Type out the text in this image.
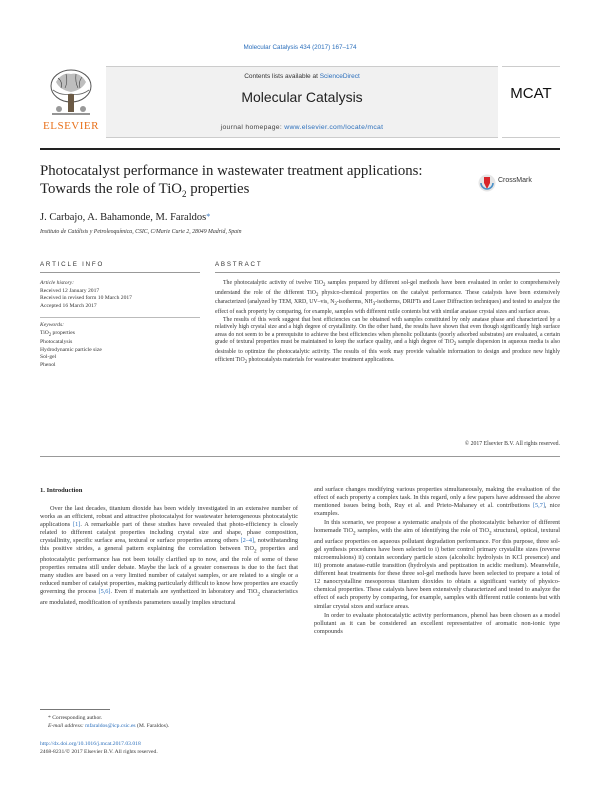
Molecular Catalysis 434 (2017) 167–174
ELSEVIER
Contents lists available at ScienceDirect
Molecular Catalysis
journal homepage: www.elsevier.com/locate/mcat
MCAT
Photocatalyst performance in wastewater treatment applications:
Towards the role of TiO$_2$ properties
CrossMark
J. Carbajo, A. Bahamonde, M. Faraldos*
Instituto de Catálisis y Petroleoquímica, CSIC, C/Marie Curie 2, 28049 Madrid, Spain
ARTICLE INFO	ABSTRACT
Article history:
Received 12 January 2017
Received in revised form 10 March 2017
Accepted 16 March 2017
Keywords:
TiO$_2$ properties
Photocatalysis
Hydrodynamic particle size
Sol-gel
Phenol

The photocatalytic activity of twelve TiO$_2$ samples prepared by different sol-gel methods have been evaluated in order to comprehensively understand the role of the different TiO$_2$ physico-chemical properties on the catalyst performance. These catalysts have been extensively characterized (analyzed by TEM, XRD, UV–vis, $N_2$-isotherms, $NH_3$-isotherms, DRIFTs and Laser Diffraction techniques) and tested to analyze the effect of each property by comparing, for example, samples with different rutile contents but with similar anatase crystal sizes and surface areas.

The results of this work suggest that best efficiencies can be obtained with samples constituted by only anatase phase and characterized by a relatively high crystal size and a high degree of crystallinity. On the other hand, the results have shown that even though significantly high surface areas do not seem to be a prerequisite to achieve the best efficiencies when phenolic pollutants (poorly adsorbed substrates) are evaluated, a certain grade of textural properties must be maintained to keep the surface quality, and a high degree of TiO$_2$ sample dispersion in aqueous media is also desirable to optimize the photocatalytic activity. The results of this work may provide valuable information to design and produce new highly efficient TiO$_2$ photocatalysts materials for wastewater treatment applications.

© 2017 Elsevier B.V. All rights reserved.
1. Introduction

Over the last decades, titanium dioxide has been widely investigated in an extensive number of works as an efficient, robust and attractive photocatalyst for wastewater heterogeneous photocatalytic applications [1]. A remarkable part of these studies have revealed that photo-efficiency is closely related to different catalyst properties including crystal size and shape, phase composition, crystallinity, specific surface area, textural or surface properties among others [2–4], notwithstanding this positive strides, a general pattern explaining the correlation between TiO$_2$ properties and photocatalytic performance has not been totally clarified up to now, and the role of some of these properties remains still under debate. Maybe the lack of a greater consensus is due to the fact that many studies are based on a very limited number of catalyst samples, or are related to a single or a reduced number of catalyst properties, making particularly difficult to know how properties are exactly governing the process [5,6]. Even if materials are synthetized in laboratory and TiO$_2$ characteristics are modulated, modification of synthesis parameters usually implies structural

and surface changes modifying various properties simultaneously, making the evaluation of the effect of each property a complex task. In this regard, only a few papers have addressed the above mentioned issues being both, Ruy et al. and Prieto-Mahaney et al. contributions [5,7], nice examples.

In this scenario, we propose a systematic analysis of the photocatalytic behavior of different homemade TiO$_2$ samples, with the aim of identifying the role of TiO$_2$ structural, optical, textural and surface properties on aqueous pollutant degradation performance. For this purpose, three sol-gel synthesis procedures have been selected to i) better control primary crystallite sizes (reverse microemulsions) ii) contain secondary particle sizes (alcoholic hydrolysis in KCl presence) and iii) promote anatase-rutile transition (hydrolysis and peptization in acidic medium). Meanwhile, different heat treatments for these three sol-gel methods have been selected to prepare a total of 12 nanocrystalline mesoporous titanium dioxides to obtain a significant variety of physico-chemical properties. These catalysts have been extensively characterized and tested to analyze the effect of each property by comparing, for example, samples with different rutile contents but with similar crystal sizes and surface areas.

In order to evaluate photocatalytic activity performances, phenol has been chosen as a model pollutant as it can be considered an excellent representative of aromatic non-ionic type compounds

* Corresponding author.
E-mail address: mfaraldos@icp.csic.es (M. Faraldos).
http://dx.doi.org/10.1016/j.mcat.2017.03.018
2468-8231/© 2017 Elsevier B.V. All rights reserved.
